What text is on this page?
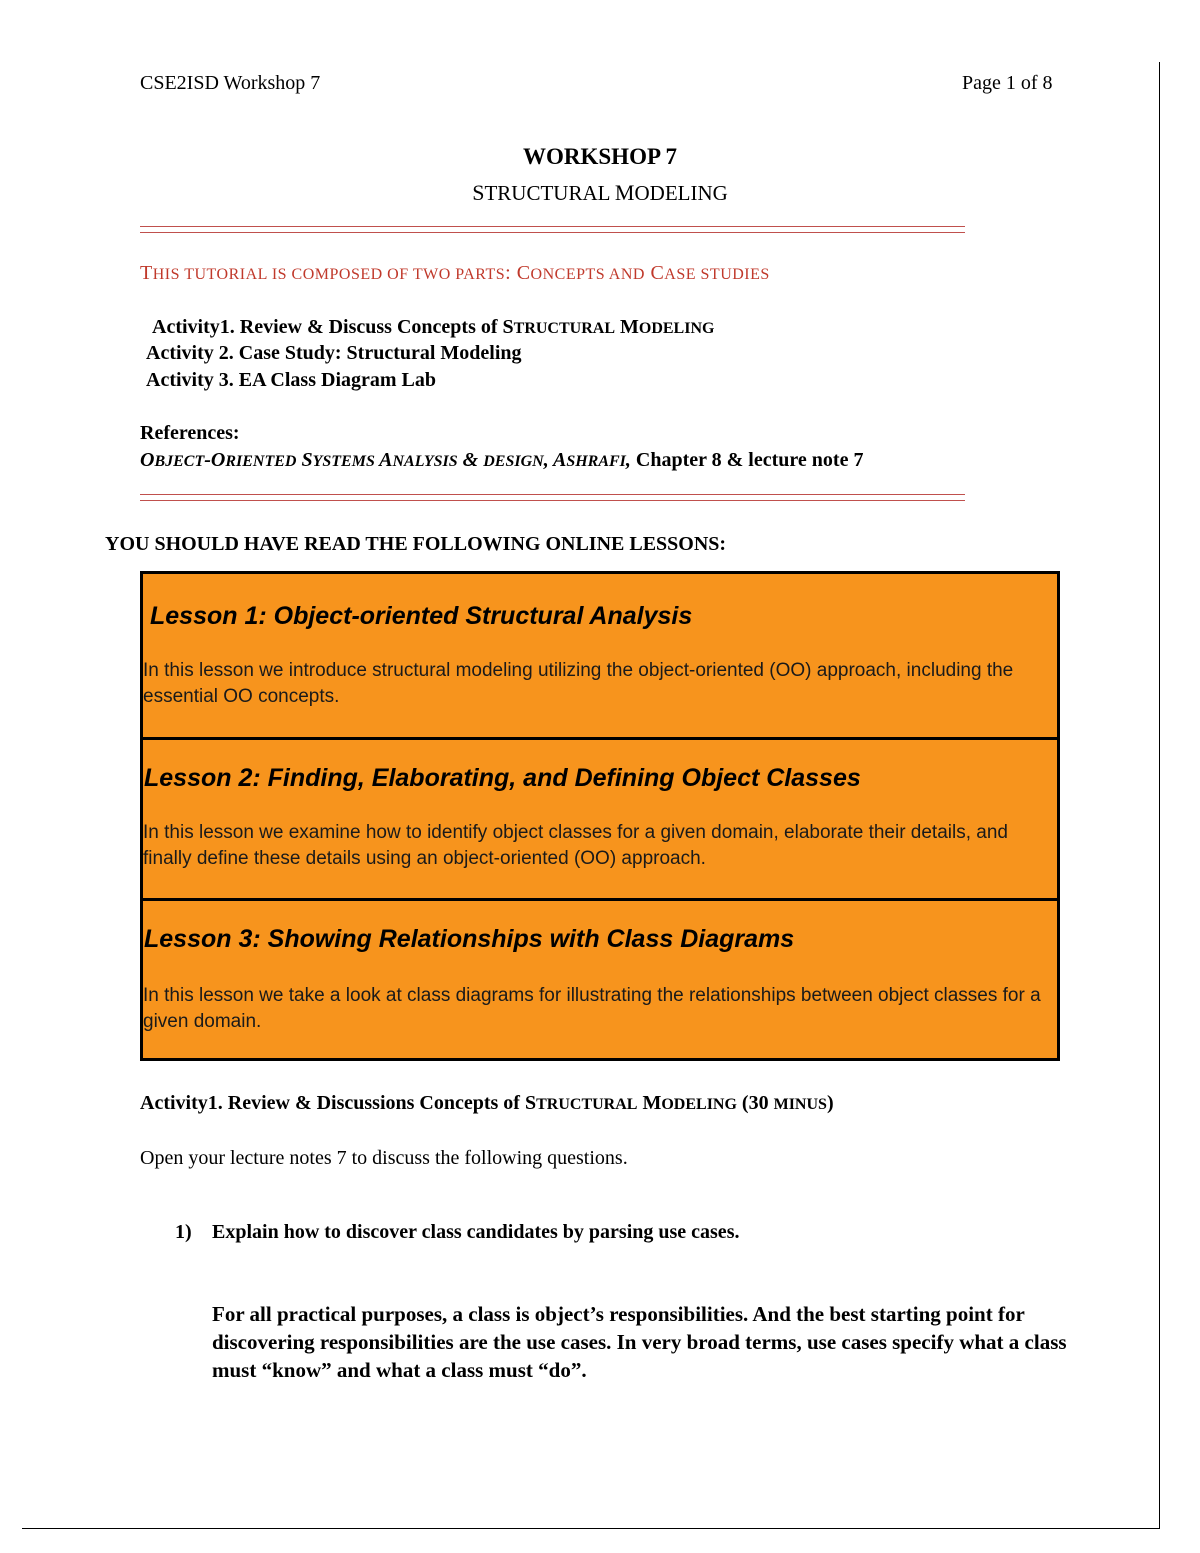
CSE2ISD Workshop 7	Page 1 of 8
WORKSHOP 7
STRUCTURAL MODELING
THIS TUTORIAL IS COMPOSED OF TWO PARTS: CONCEPTS AND CASE STUDIES
Activity1. Review & Discuss Concepts of STRUCTURAL MODELING
Activity 2. Case Study: Structural Modeling
Activity 3. EA Class Diagram Lab
References:
OBJECT-ORIENTED SYSTEMS ANALYSIS & DESIGN, ASHRAFI, Chapter 8 & lecture note 7
YOU SHOULD HAVE READ THE FOLLOWING ONLINE LESSONS:
Lesson 1: Object-oriented Structural Analysis
In this lesson we introduce structural modeling utilizing the object-oriented (OO) approach, including the essential OO concepts.
Lesson 2: Finding, Elaborating, and Defining Object Classes
In this lesson we examine how to identify object classes for a given domain, elaborate their details, and finally define these details using an object-oriented (OO) approach.
Lesson 3: Showing Relationships with Class Diagrams
In this lesson we take a look at class diagrams for illustrating the relationships between object classes for a given domain.
Activity1. Review & Discussions Concepts of STRUCTURAL MODELING (30 MINUS)
Open your lecture notes 7 to discuss the following questions.
1) Explain how to discover class candidates by parsing use cases.
For all practical purposes, a class is object’s responsibilities. And the best starting point for discovering responsibilities are the use cases. In very broad terms, use cases specify what a class must “know” and what a class must “do”.
